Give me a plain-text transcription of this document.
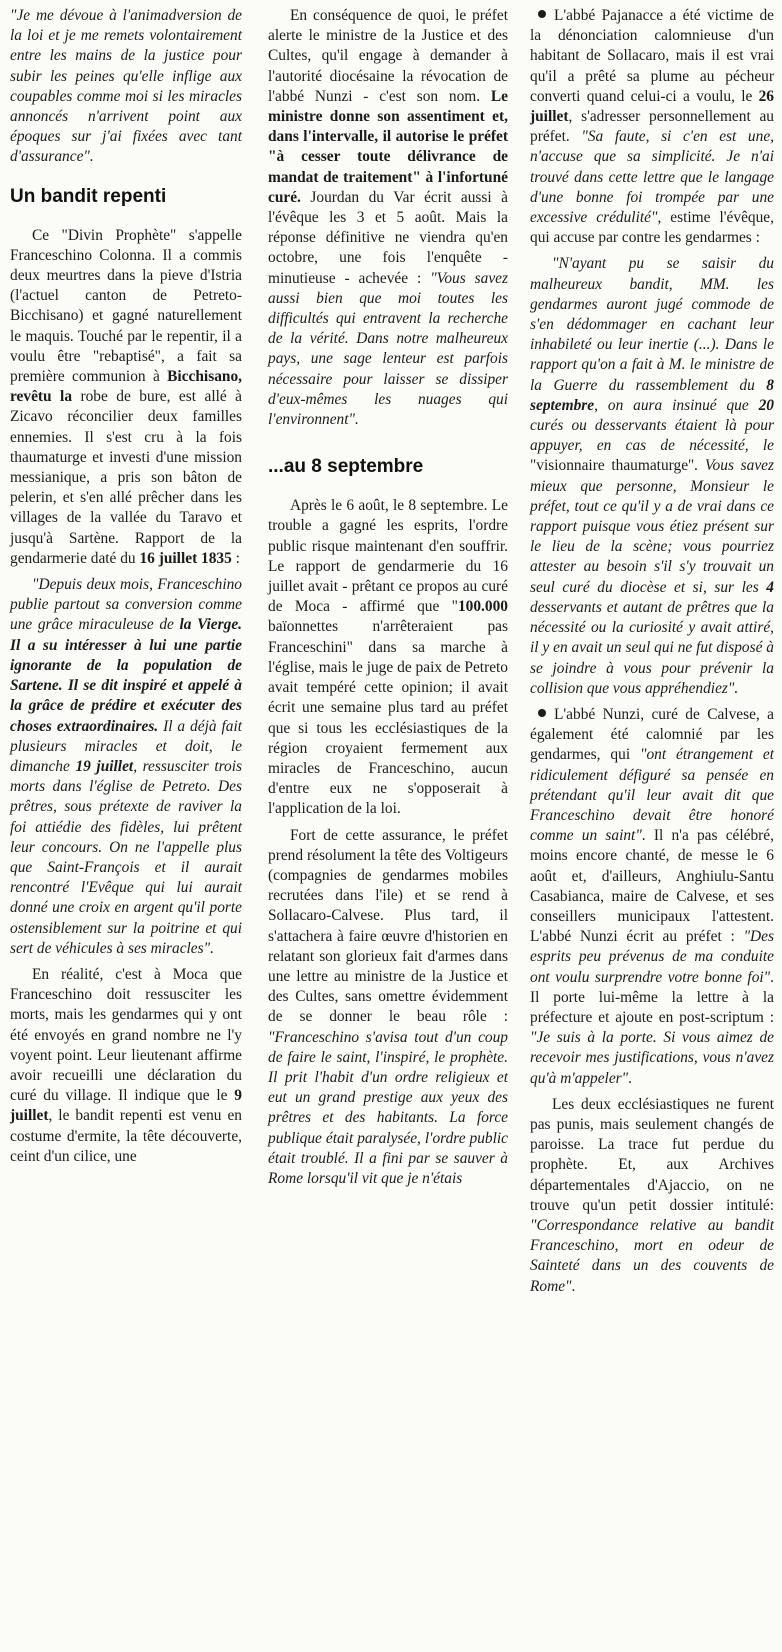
"Je me dévoue à l'animadversion de la loi et je me remets volontairement entre les mains de la justice pour subir les peines qu'elle inflige aux coupables comme moi si les miracles annoncés n'arrivent point aux époques sur j'ai fixées avec tant d'assurance".

Un bandit repenti

Ce "Divin Prophète" s'appelle Franceschino Colonna. Il a commis deux meurtres dans la pieve d'Istria (l'actuel canton de Petreto-Bicchisano) et gagné naturellement le maquis. Touché par le repentir, il a voulu être "rebaptisé", a fait sa première communion à Bicchisano, revêtu la robe de bure, est allé à Zicavo réconcilier deux familles ennemies. Il s'est cru à la fois thaumaturge et investi d'une mission messianique, a pris son bâton de pelerin, et s'en allé prêcher dans les villages de la vallée du Taravo et jusqu'à Sartène. Rapport de la gendarmerie daté du 16 juillet 1835 :

"Depuis deux mois, Franceschino publie partout sa conversion comme une grâce miraculeuse de la Vierge. Il a su intéresser à lui une partie ignorante de la population de Sartene. Il se dit inspiré et appelé à la grâce de prédire et exécuter des choses extraordinaires. Il a déjà fait plusieurs miracles et doit, le dimanche 19 juillet, ressusciter trois morts dans l'église de Petreto. Des prêtres, sous prétexte de raviver la foi attiédie des fidèles, lui prêtent leur concours. On ne l'appelle plus que Saint-François et il aurait rencontré l'Evêque qui lui aurait donné une croix en argent qu'il porte ostensiblement sur la poitrine et qui sert de véhicules à ses miracles".

En réalité, c'est à Moca que Franceschino doit ressusciter les morts, mais les gendarmes qui y ont été envoyés en grand nombre ne l'y voyent point. Leur lieutenant affirme avoir recueilli une déclaration du curé du village. Il indique que le 9 juillet, le bandit repenti est venu en costume d'ermite, la tête découverte, ceint d'un cilice, une

En conséquence de quoi, le préfet alerte le ministre de la Justice et des Cultes, qu'il engage à demander à l'autorité diocésaine la révocation de l'abbé Nunzi - c'est son nom. Le ministre donne son assentiment et, dans l'intervalle, il autorise le préfet "à cesser toute délivrance de mandat de traitement" à l'infortuné curé. Jourdan du Var écrit aussi à l'évêque les 3 et 5 août. Mais la réponse définitive ne viendra qu'en octobre, une fois l'enquête - minutieuse - achevée : "Vous savez aussi bien que moi toutes les difficultés qui entravent la recherche de la vérité. Dans notre malheureux pays, une sage lenteur est parfois nécessaire pour laisser se dissiper d'eux-mêmes les nuages qui l'environnent".

...au 8 septembre

Après le 6 août, le 8 septembre. Le trouble a gagné les esprits, l'ordre public risque maintenant d'en souffrir. Le rapport de gendarmerie du 16 juillet avait - prêtant ce propos au curé de Moca - affirmé que "100.000 baïonnettes n'arrêteraient pas Franceschini" dans sa marche à l'église, mais le juge de paix de Petreto avait tempéré cette opinion; il avait écrit une semaine plus tard au préfet que si tous les ecclésiastiques de la région croyaient fermement aux miracles de Franceschino, aucun d'entre eux ne s'opposerait à l'application de la loi.

Fort de cette assurance, le préfet prend résolument la tête des Voltigeurs (compagnies de gendarmes mobiles recrutées dans l'ile) et se rend à Sollacaro-Calvese. Plus tard, il s'attachera à faire œuvre d'historien en relatant son glorieux fait d'armes dans une lettre au ministre de la Justice et des Cultes, sans omettre évidemment de se donner le beau rôle : "Franceschino s'avisa tout d'un coup de faire le saint, l'inspiré, le prophète. Il prit l'habit d'un ordre religieux et eut un grand prestige aux yeux des prêtres et des habitants. La force publique était paralysée, l'ordre public était troublé. Il a fini par se sauver à Rome lorsqu'il vit que je n'étais

L'abbé Pajanacce a été victime de la dénonciation calomnieuse d'un habitant de Sollacaro, mais il est vrai qu'il a prêté sa plume au pécheur converti quand celui-ci a voulu, le 26 juillet, s'adresser personnellement au préfet. "Sa faute, si c'en est une, n'accuse que sa simplicité. Je n'ai trouvé dans cette lettre que le langage d'une bonne foi trompée par une excessive crédulité", estime l'évêque, qui accuse par contre les gendarmes :

"N'ayant pu se saisir du malheureux bandit, MM. les gendarmes auront jugé commode de s'en dédommager en cachant leur inhabileté ou leur inertie (...). Dans le rapport qu'on a fait à M. le ministre de la Guerre du rassemblement du 8 septembre, on aura insinué que 20 curés ou desservants étaient là pour appuyer, en cas de nécessité, le "visionnaire thaumaturge". Vous savez mieux que personne, Monsieur le préfet, tout ce qu'il y a de vrai dans ce rapport puisque vous étiez présent sur le lieu de la scène; vous pourriez attester au besoin s'il s'y trouvait un seul curé du diocèse et si, sur les 4 desservants et autant de prêtres que la nécessité ou la curiosité y avait attiré, il y en avait un seul qui ne fut disposé à se joindre à vous pour prévenir la collision que vous appréhendiez".

L'abbé Nunzi, curé de Calvese, a également été calomnié par les gendarmes, qui "ont étrangement et ridiculement défiguré sa pensée en prétendant qu'il leur avait dit que Franceschino devait être honoré comme un saint". Il n'a pas célébré, moins encore chanté, de messe le 6 août et, d'ailleurs, Anghiulu-Santu Casabianca, maire de Calvese, et ses conseillers municipaux l'attestent. L'abbé Nunzi écrit au préfet : "Des esprits peu prévenus de ma conduite ont voulu surprendre votre bonne foi". Il porte lui-même la lettre à la préfecture et ajoute en post-scriptum : "Je suis à la porte. Si vous aimez de recevoir mes justifications, vous n'avez qu'à m'appeler".

Les deux ecclésiastiques ne furent pas punis, mais seulement changés de paroisse. La trace fut perdue du prophète. Et, aux Archives départementales d'Ajaccio, on ne trouve qu'un petit dossier intitulé: "Correspondance relative au bandit Franceschino, mort en odeur de Sainteté dans un des couvents de Rome".
